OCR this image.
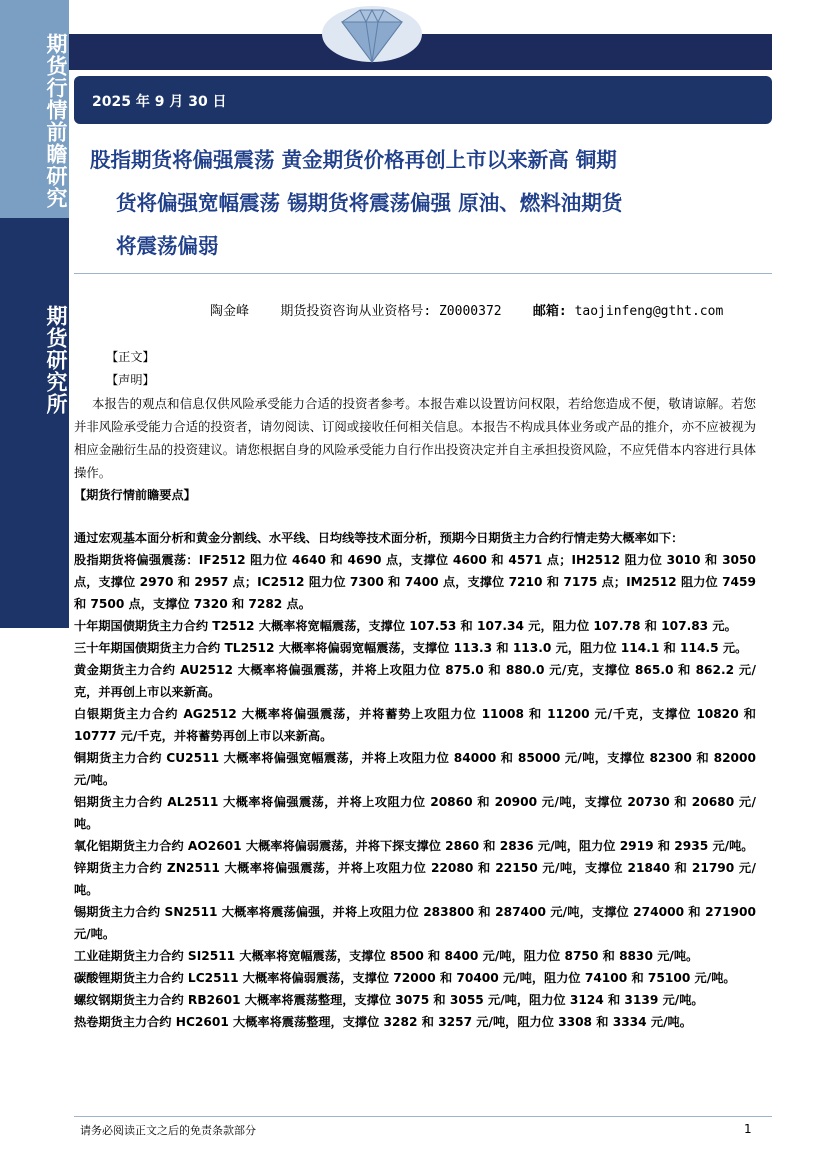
期货行情前瞻研究
期货研究所
2025 年 9 月 30 日
股指期货将偏强震荡 黄金期货价格再创上市以来新高 铜期
货将偏强宽幅震荡 锡期货将震荡偏强 原油、燃料油期货
将震荡偏弱
陶金峰 期货投资咨询从业资格号: Z0000372 邮箱: taojinfeng@gtht.com

【正文】

【声明】

本报告的观点和信息仅供风险承受能力合适的投资者参考。本报告难以设置访问权限，若给您造成不便，敬请谅解。若您并非风险承受能力合适的投资者，请勿阅读、订阅或接收任何相关信息。本报告不构成具体业务或产品的推介，亦不应被视为相应金融衍生品的投资建议。请您根据自身的风险承受能力自行作出投资决定并自主承担投资风险，不应凭借本内容进行具体操作。

【期货行情前瞻要点】

通过宏观基本面分析和黄金分割线、水平线、日均线等技术面分析，预期今日期货主力合约行情走势大概率如下：

股指期货将偏强震荡：IF2512 阻力位 4640 和 4690 点，支撑位 4600 和 4571 点；IH2512 阻力位 3010 和 3050 点，支撑位 2970 和 2957 点；IC2512 阻力位 7300 和 7400 点，支撑位 7210 和 7175 点；IM2512 阻力位 7459 和 7500 点，支撑位 7320 和 7282 点。

十年期国债期货主力合约 T2512 大概率将宽幅震荡，支撑位 107.53 和 107.34 元，阻力位 107.78 和 107.83 元。

三十年期国债期货主力合约 TL2512 大概率将偏弱宽幅震荡，支撑位 113.3 和 113.0 元，阻力位 114.1 和 114.5 元。

黄金期货主力合约 AU2512 大概率将偏强震荡，并将上攻阻力位 875.0 和 880.0 元/克，支撑位 865.0 和 862.2 元/克，并再创上市以来新高。

白银期货主力合约 AG2512 大概率将偏强震荡，并将蓄势上攻阻力位 11008 和 11200 元/千克，支撑位 10820 和 10777 元/千克，并将蓄势再创上市以来新高。

铜期货主力合约 CU2511 大概率将偏强宽幅震荡，并将上攻阻力位 84000 和 85000 元/吨，支撑位 82300 和 82000 元/吨。

铝期货主力合约 AL2511 大概率将偏强震荡，并将上攻阻力位 20860 和 20900 元/吨，支撑位 20730 和 20680 元/吨。

氧化铝期货主力合约 AO2601 大概率将偏弱震荡，并将下探支撑位 2860 和 2836 元/吨，阻力位 2919 和 2935 元/吨。

锌期货主力合约 ZN2511 大概率将偏强震荡，并将上攻阻力位 22080 和 22150 元/吨，支撑位 21840 和 21790 元/吨。

锡期货主力合约 SN2511 大概率将震荡偏强，并将上攻阻力位 283800 和 287400 元/吨，支撑位 274000 和 271900 元/吨。

工业硅期货主力合约 SI2511 大概率将宽幅震荡，支撑位 8500 和 8400 元/吨，阻力位 8750 和 8830 元/吨。

碳酸锂期货主力合约 LC2511 大概率将偏弱震荡，支撑位 72000 和 70400 元/吨，阻力位 74100 和 75100 元/吨。

螺纹钢期货主力合约 RB2601 大概率将震荡整理，支撑位 3075 和 3055 元/吨，阻力位 3124 和 3139 元/吨。

热卷期货主力合约 HC2601 大概率将震荡整理，支撑位 3282 和 3257 元/吨，阻力位 3308 和 3334 元/吨。

请务必阅读正文之后的免责条款部分	1
